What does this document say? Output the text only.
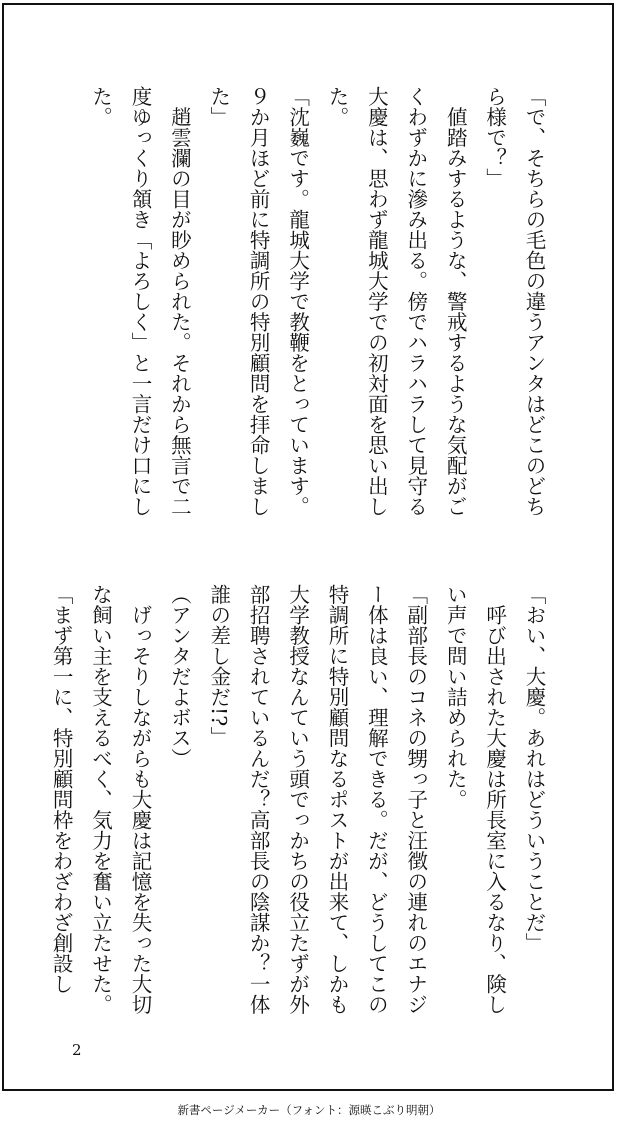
「で、そちらの毛色の違うアンタはどこのどちら様で？」

　値踏みするような、警戒するような気配がごくわずかに滲み出る。傍でハラハラして見守る大慶は、思わず龍城大学での初対面を思い出した。

「沈巍です。龍城大学で教鞭をとっています。９か月ほど前に特調所の特別顧問を拝命しました」

　趙雲瀾の目が眇められた。それから無言で二度ゆっくり頷き「よろしく」と一言だけ口にした。

「おい、大慶。あれはどういうことだ」

　呼び出された大慶は所長室に入るなり、険しい声で問い詰められた。

「副部長のコネの甥っ子と汪徴の連れのエナジー体は良い、理解できる。だが、どうしてこの特調所に特別顧問なるポストが出来て、しかも大学教授なんていう頭でっかちの役立たずが外部招聘されているんだ？高部長の陰謀か？一体誰の差し金だ!?」

（アンタだよボス）

　げっそりしながらも大慶は記憶を失った大切な飼い主を支えるべく、気力を奮い立たせた。

「まず第一に、特別顧問枠をわざわざ創設し

2
新書ページメーカー（フォント：源暎こぶり明朝）
